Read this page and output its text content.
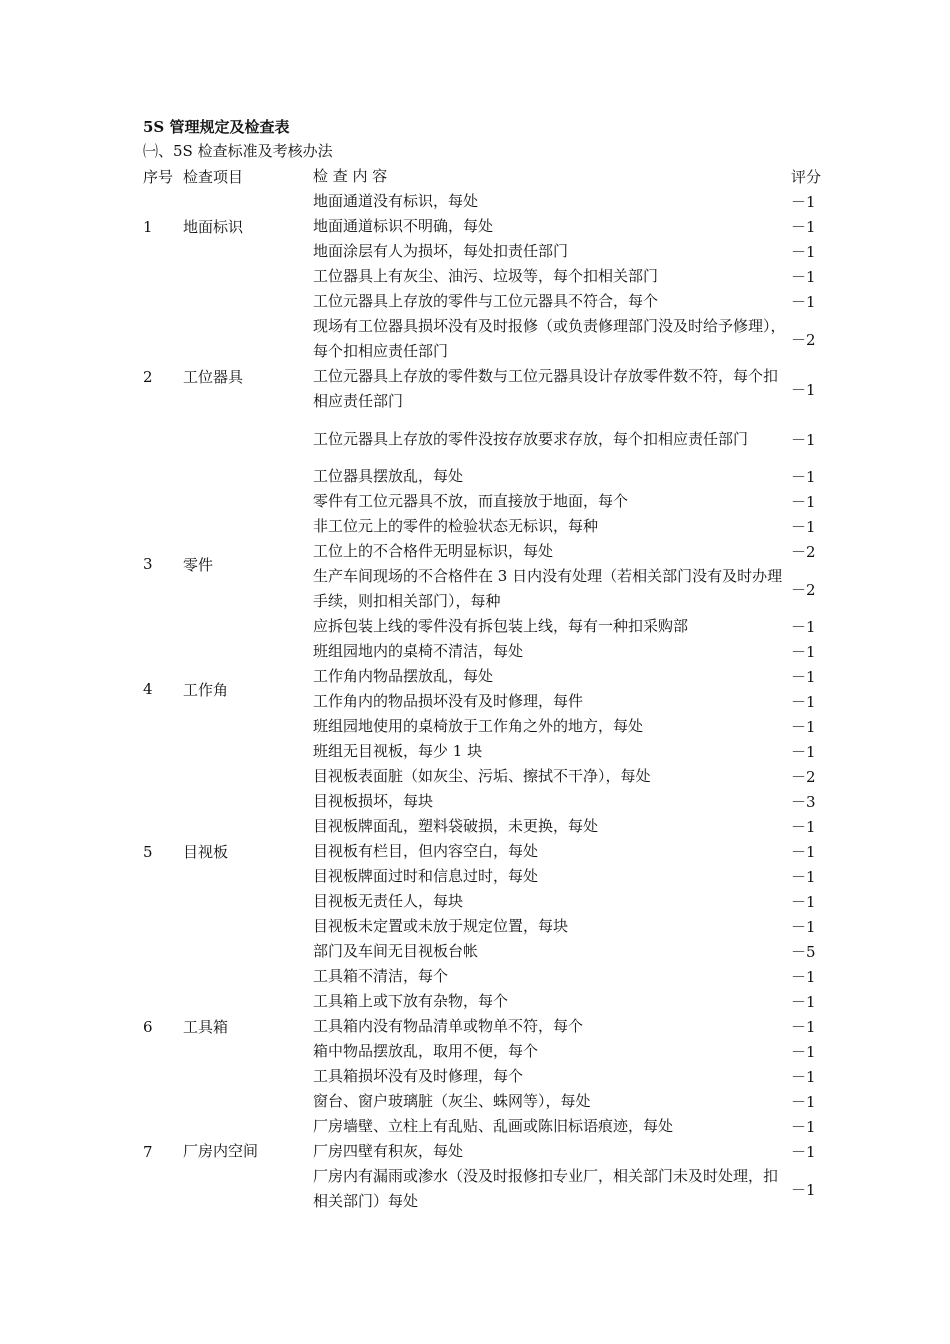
5S 管理规定及检查表
㈠、5S 检查标准及考核办法
序号	检查项目	检 查 内 容	评分
1	地面标识	地面通道没有标识，每处	－1
		地面通道标识不明确，每处	－1
		地面涂层有人为损坏，每处扣责任部门	－1
2	工位器具	工位器具上有灰尘、油污、垃圾等，每个扣相关部门	－1
		工位元器具上存放的零件与工位元器具不符合，每个	－1
		现场有工位器具损坏没有及时报修（或负责修理部门没及时给予修理），每个扣相应责任部门	－2
		工位元器具上存放的零件数与工位元器具设计存放零件数不符，每个扣相应责任部门	－1
		工位元器具上存放的零件没按存放要求存放，每个扣相应责任部门	－1
		工位器具摆放乱，每处	－1
3	零件	零件有工位元器具不放，而直接放于地面，每个	－1
		非工位元上的零件的检验状态无标识，每种	－1
		工位上的不合格件无明显标识，每处	－2
		生产车间现场的不合格件在 3 日内没有处理（若相关部门没有及时办理手续，则扣相关部门），每种	－2
		应拆包装上线的零件没有拆包装上线，每有一种扣采购部	－1
4	工作角	班组园地内的桌椅不清洁，每处	－1
		工作角内物品摆放乱，每处	－1
		工作角内的物品损坏没有及时修理，每件	－1
		班组园地使用的桌椅放于工作角之外的地方，每处	－1
5	目视板	班组无目视板，每少 1 块	－1
		目视板表面脏（如灰尘、污垢、擦拭不干净），每处	－2
		目视板损坏，每块	－3
		目视板牌面乱，塑料袋破损，未更换，每处	－1
		目视板有栏目，但内容空白，每处	－1
		目视板牌面过时和信息过时，每处	－1
		目视板无责任人，每块	－1
		目视板未定置或未放于规定位置，每块	－1
		部门及车间无目视板台帐	－5
6	工具箱	工具箱不清洁，每个	－1
		工具箱上或下放有杂物，每个	－1
		工具箱内没有物品清单或物单不符，每个	－1
		箱中物品摆放乱，取用不便，每个	－1
		工具箱损坏没有及时修理，每个	－1
7	厂房内空间	窗台、窗户玻璃脏（灰尘、蛛网等），每处	－1
		厂房墙壁、立柱上有乱贴、乱画或陈旧标语痕迹，每处	－1
		厂房四壁有积灰，每处	－1
		厂房内有漏雨或渗水（没及时报修扣专业厂，相关部门未及时处理，扣相关部门）每处	－1
